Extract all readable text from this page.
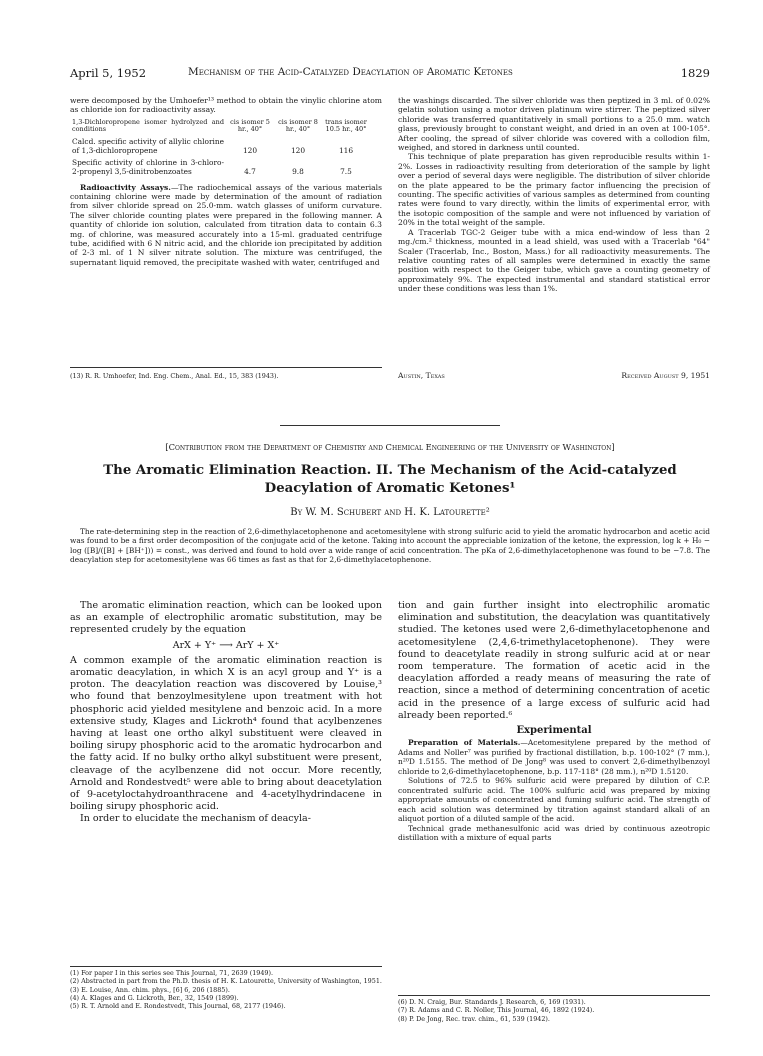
April 5, 1952	Mechanism of the Acid-Catalyzed Deacylation of Aromatic Ketones	1829

were decomposed by the Umhoefer¹³ method to obtain the vinylic chlorine atom as chloride ion for radioactivity assay.

1,3-Dichloropropene isomer hydrolyzed and conditions	cis isomer 5 hr., 40°	cis isomer 8 hr., 40°	trans isomer 10.5 hr., 40°
Calcd. specific activity of allylic chlorine of 1,3-dichloropropene	120	120	116
Specific activity of chlorine in 3-chloro-2-propenyl 3,5-dinitrobenzoates	4.7	9.8	7.5

Radioactivity Assays.—The radiochemical assays of the various materials containing chlorine were made by determination of the amount of radiation from silver chloride spread on 25.0-mm. watch glasses of uniform curvature. The silver chloride counting plates were prepared in the following manner. A quantity of chloride ion solution, calculated from titration data to contain 6.3 mg. of chlorine, was measured accurately into a 15-ml. graduated centrifuge tube, acidified with 6 N nitric acid, and the chloride ion precipitated by addition of 2-3 ml. of 1 N silver nitrate solution. The mixture was centrifuged, the supernatant liquid removed, the precipitate washed with water, centrifuged and

(13) R. R. Umhoefer, Ind. Eng. Chem., Anal. Ed., 15, 383 (1943).

the washings discarded. The silver chloride was then peptized in 3 ml. of 0.02% gelatin solution using a motor driven platinum wire stirrer. The peptized silver chloride was transferred quantitatively in small portions to a 25.0 mm. watch glass, previously brought to constant weight, and dried in an oven at 100-105°. After cooling, the spread of silver chloride was covered with a collodion film, weighed, and stored in darkness until counted.

This technique of plate preparation has given reproducible results within 1-2%. Losses in radioactivity resulting from deterioration of the sample by light over a period of several days were negligible. The distribution of silver chloride on the plate appeared to be the primary factor influencing the precision of counting. The specific activities of various samples as determined from counting rates were found to vary directly, within the limits of experimental error, with the isotopic composition of the sample and were not influenced by variation of 20% in the total weight of the sample.

A Tracerlab TGC-2 Geiger tube with a mica end-window of less than 2 mg./cm.² thickness, mounted in a lead shield, was used with a Tracerlab "64" Scaler (Tracerlab, Inc., Boston, Mass.) for all radioactivity measurements. The relative counting rates of all samples were determined in exactly the same position with respect to the Geiger tube, which gave a counting geometry of approximately 9%. The expected instrumental and standard statistical error under these conditions was less than 1%.

Austin, Texas	Received August 9, 1951
[Contribution from the Department of Chemistry and Chemical Engineering of the University of Washington]
The Aromatic Elimination Reaction. II. The Mechanism of the Acid-catalyzed
Deacylation of Aromatic Ketones¹
By W. M. Schubert and H. K. Latourette²
The rate-determining step in the reaction of 2,6-dimethylacetophenone and acetomesitylene with strong sulfuric acid to yield the aromatic hydrocarbon and acetic acid was found to be a first order decomposition of the conjugate acid of the ketone. Taking into account the appreciable ionization of the ketone, the expression, log k + H₀ − log ([B]/([B] + [BH⁺])) = const., was derived and found to hold over a wide range of acid concentration. The pKa of 2,6-dimethylacetophenone was found to be −7.8. The deacylation step for acetomesitylene was 66 times as fast as that for 2,6-dimethylacetophenone.

The aromatic elimination reaction, which can be looked upon as an example of electrophilic aromatic substitution, may be represented crudely by the equation

ArX + Y⁺ ⟶ ArY + X⁺

A common example of the aromatic elimination reaction is aromatic deacylation, in which X is an acyl group and Y⁺ is a proton. The deacylation reaction was discovered by Louise,³ who found that benzoylmesitylene upon treatment with hot phosphoric acid yielded mesitylene and benzoic acid. In a more extensive study, Klages and Lickroth⁴ found that acylbenzenes having at least one ortho alkyl substituent were cleaved in boiling sirupy phosphoric acid to the aromatic hydrocarbon and the fatty acid. If no bulky ortho alkyl substituent were present, cleavage of the acylbenzene did not occur. More recently, Arnold and Rondestvedt⁵ were able to bring about deacetylation of 9-acetyloctahydroanthracene and 4-acetylhydrindacene in boiling sirupy phosphoric acid.

In order to elucidate the mechanism of deacyla-

(1) For paper I in this series see This Journal, 71, 2639 (1949).

(2) Abstracted in part from the Ph.D. thesis of H. K. Latourette, University of Washington, 1951.

(3) E. Louise, Ann. chim. phys., [6] 6, 206 (1885).

(4) A. Klages and G. Lickroth, Ber., 32, 1549 (1899).

(5) R. T. Arnold and E. Rondestvedt, This Journal, 68, 2177 (1946).

tion and gain further insight into electrophilic aromatic elimination and substitution, the deacylation was quantitatively studied. The ketones used were 2,6-dimethylacetophenone and acetomesitylene (2,4,6-trimethylacetophenone). They were found to deacetylate readily in strong sulfuric acid at or near room temperature. The formation of acetic acid in the deacylation afforded a ready means of measuring the rate of reaction, since a method of determining concentration of acetic acid in the presence of a large excess of sulfuric acid had already been reported.⁶

Experimental

Preparation of Materials.—Acetomesitylene prepared by the method of Adams and Noller⁷ was purified by fractional distillation, b.p. 100-102° (7 mm.), n²⁰D 1.5155. The method of De Jong⁸ was used to convert 2,6-dimethylbenzoyl chloride to 2,6-dimethylacetophenone, b.p. 117-118° (28 mm.), n²⁰D 1.5120.

Solutions of 72.5 to 96% sulfuric acid were prepared by dilution of C.P. concentrated sulfuric acid. The 100% sulfuric acid was prepared by mixing appropriate amounts of concentrated and fuming sulfuric acid. The strength of each acid solution was determined by titration against standard alkali of an aliquot portion of a diluted sample of the acid.

Technical grade methanesulfonic acid was dried by continuous azeotropic distillation with a mixture of equal parts

(6) D. N. Craig, Bur. Standards J. Research, 6, 169 (1931).

(7) R. Adams and C. R. Noller, This Journal, 46, 1892 (1924).

(8) P. De Jong, Rec. trav. chim., 61, 539 (1942).
